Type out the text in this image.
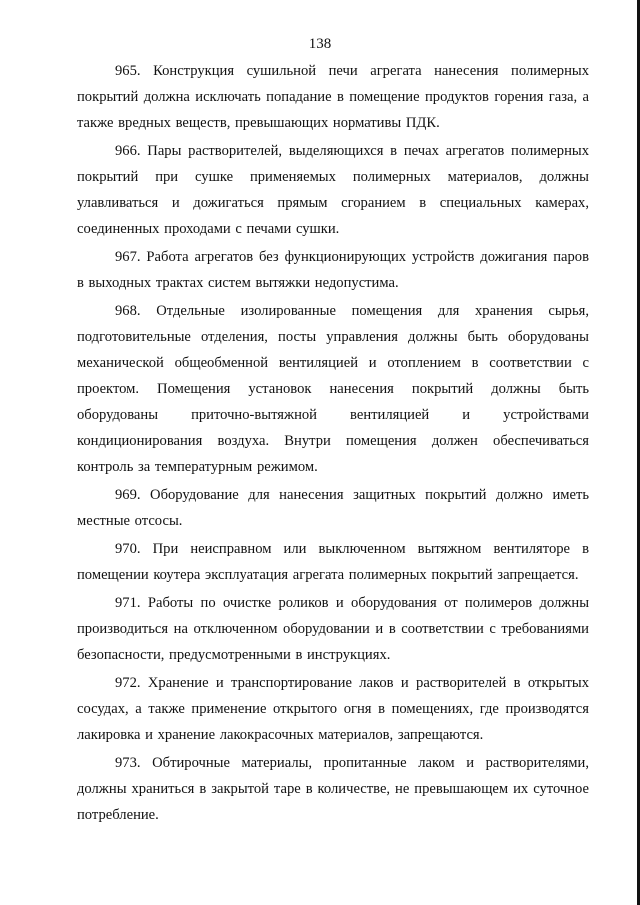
138

965. Конструкция сушильной печи агрегата нанесения полимерных покрытий должна исключать попадание в помещение продуктов горения газа, а также вредных веществ, превышающих нормативы ПДК.

966. Пары растворителей, выделяющихся в печах агрегатов полимерных покрытий при сушке применяемых полимерных материалов, должны улавливаться и дожигаться прямым сгоранием в специальных камерах, соединенных проходами с печами сушки.

967. Работа агрегатов без функционирующих устройств дожигания паров в выходных трактах систем вытяжки недопустима.

968. Отдельные изолированные помещения для хранения сырья, подготовительные отделения, посты управления должны быть оборудованы механической общеобменной вентиляцией и отоплением в соответствии с проектом. Помещения установок нанесения покрытий должны быть оборудованы приточно-вытяжной вентиляцией и устройствами кондиционирования воздуха. Внутри помещения должен обеспечиваться контроль за температурным режимом.

969. Оборудование для нанесения защитных покрытий должно иметь местные отсосы.

970. При неисправном или выключенном вытяжном вентиляторе в помещении коутера эксплуатация агрегата полимерных покрытий запрещается.

971. Работы по очистке роликов и оборудования от полимеров должны производиться на отключенном оборудовании и в соответствии с требованиями безопасности, предусмотренными в инструкциях.

972. Хранение и транспортирование лаков и растворителей в открытых сосудах, а также применение открытого огня в помещениях, где производятся лакировка и хранение лакокрасочных материалов, запрещаются.

973. Обтирочные материалы, пропитанные лаком и растворителями, должны храниться в закрытой таре в количестве, не превышающем их суточное потребление.
